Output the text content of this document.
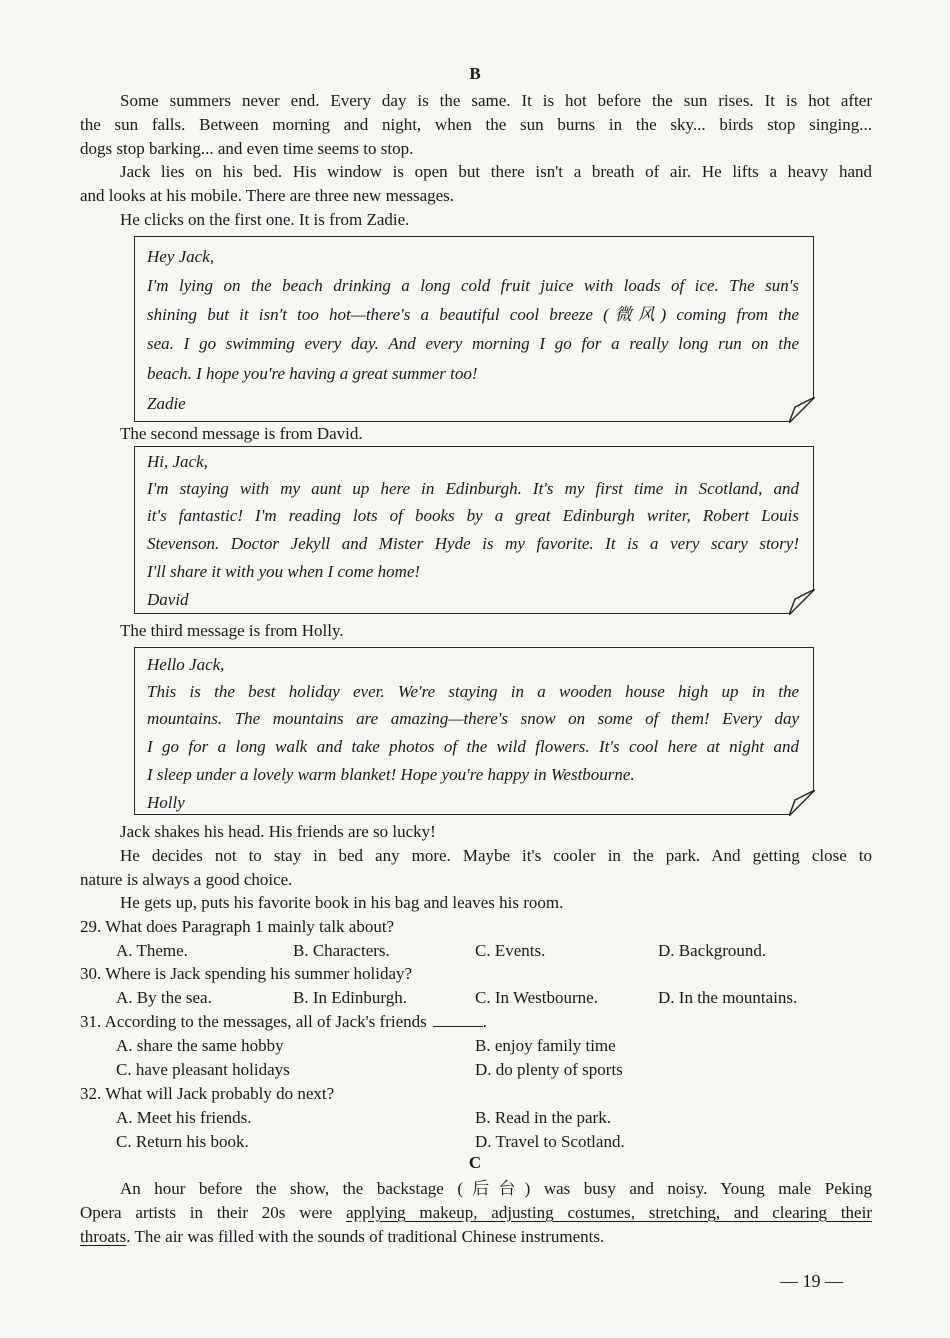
B
Some summers never end. Every day is the same. It is hot before the sun rises. It is hot after
the sun falls. Between morning and night, when the sun burns in the sky... birds stop singing...
dogs stop barking... and even time seems to stop.
Jack lies on his bed. His window is open but there isn't a breath of air. He lifts a heavy hand
and looks at his mobile. There are three new messages.
He clicks on the first one. It is from Zadie.
Hey Jack,
I'm lying on the beach drinking a long cold fruit juice with loads of ice. The sun's
shining but it isn't too hot—there's a beautiful cool breeze (微风) coming from the
sea. I go swimming every day. And every morning I go for a really long run on the
beach. I hope you're having a great summer too!
Zadie
The second message is from David.
Hi, Jack,
I'm staying with my aunt up here in Edinburgh. It's my first time in Scotland, and
it's fantastic! I'm reading lots of books by a great Edinburgh writer, Robert Louis
Stevenson. Doctor Jekyll and Mister Hyde is my favorite. It is a very scary story!
I'll share it with you when I come home!
David
The third message is from Holly.
Hello Jack,
This is the best holiday ever. We're staying in a wooden house high up in the
mountains. The mountains are amazing—there's snow on some of them! Every day
I go for a long walk and take photos of the wild flowers. It's cool here at night and
I sleep under a lovely warm blanket! Hope you're happy in Westbourne.
Holly
Jack shakes his head. His friends are so lucky!
He decides not to stay in bed any more. Maybe it's cooler in the park. And getting close to
nature is always a good choice.
He gets up, puts his favorite book in his bag and leaves his room.
29. What does Paragraph 1 mainly talk about?
A. Theme.	B. Characters.	C. Events.	D. Background.
30. Where is Jack spending his summer holiday?
A. By the sea.	B. In Edinburgh.	C. In Westbourne.	D. In the mountains.
31. According to the messages, all of Jack's friends	.
A. share the same hobby	B. enjoy family time
C. have pleasant holidays	D. do plenty of sports
32. What will Jack probably do next?
A. Meet his friends.	B. Read in the park.
C. Return his book.	D. Travel to Scotland.
C
An hour before the show, the backstage (后台) was busy and noisy. Young male Peking
Opera artists in their 20s were applying makeup, adjusting costumes, stretching, and clearing their
throats. The air was filled with the sounds of traditional Chinese instruments.
— 19 —
